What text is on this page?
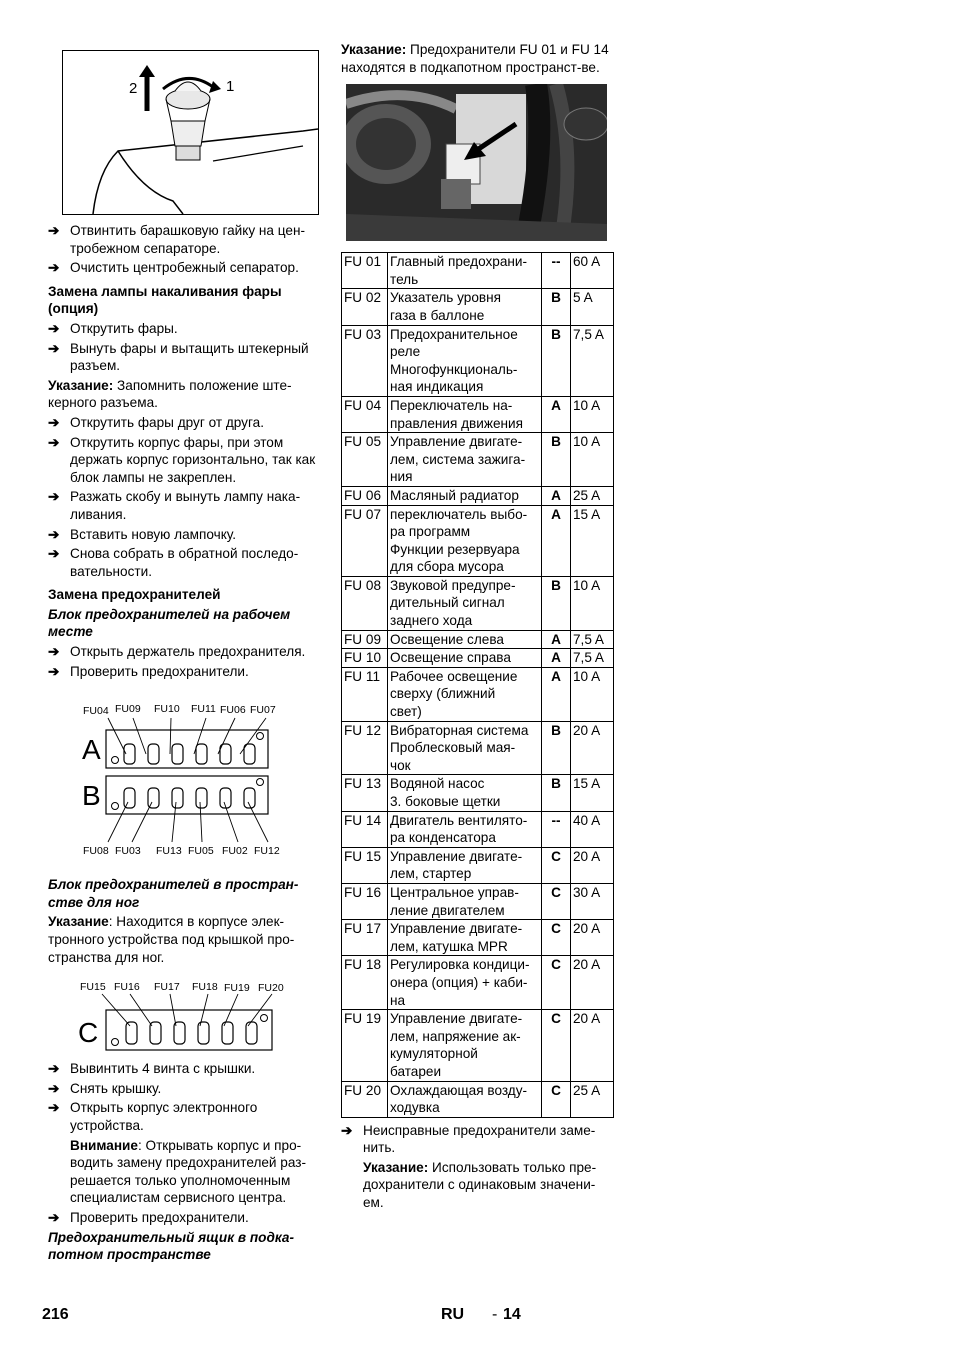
2	1
➔ Отвинтить барашковую гайку на цен-тробежном сепараторе.
➔ Очистить центробежный сепаратор.
Замена лампы накаливания фары (опция)
➔ Открутить фары.
➔ Вынуть фары и вытащить штекерный разъем.
Указание: Запомнить положение ште-керного разъема.
➔ Открутить фары друг от друга.
➔ Открутить корпус фары, при этом держать корпус горизонтально, так как блок лампы не закреплен.
➔ Разжать скобу и вынуть лампу нака-ливания.
➔ Вставить новую лампочку.
➔ Снова собрать в обратной последо-вательности.
Замена предохранителей
Блок предохранителей на рабочем месте
➔ Открыть держатель предохранителя.
➔ Проверить предохранители.
FU04 FU09 FU10 FU11 FU06 FU07
A
B
FU08 FU03 FU13 FU05 FU02 FU12
Блок предохранителей в простран-стве для ног
Указание: Находится в корпусе элек-тронного устройства под крышкой про-странства для ног.
FU15 FU16 FU17 FU18 FU19 FU20
C
➔ Вывинтить 4 винта с крышки.
➔ Снять крышку.
➔ Открыть корпус электронного устройства.
Внимание: Открывать корпус и про-водить замену предохранителей раз-решается только уполномоченным специалистам сервисного центра.
➔ Проверить предохранители.
Предохранительный ящик в подка-потном пространстве
Указание: Предохранители FU 01 и FU 14 находятся в подкапотном пространст-ве.
FU 01	Главный предохрани-
тель	--	60 A
FU 02	Указатель уровня
газа в баллоне	B	5 A
FU 03	Предохранительное
реле
Многофункциональ-
ная индикация	B	7,5 A
FU 04	Переключатель на-
правления движения	A	10 A
FU 05	Управление двигате-
лем, система зажига-
ния	B	10 A
FU 06	Масляный радиатор	A	25 A
FU 07	переключатель выбо-
ра программ
Функции резервуара
для сбора мусора	A	15 A
FU 08	Звуковой предупре-
дительный сигнал
заднего хода	B	10 A
FU 09	Освещение слева	A	7,5 A
FU 10	Освещение справа	A	7,5 A
FU 11	Рабочее освещение
сверху (ближний
свет)	A	10 A
FU 12	Вибраторная система
Проблесковый мая-
чок	B	20 A
FU 13	Водяной насос
3. боковые щетки	B	15 A
FU 14	Двигатель вентилято-
ра конденсатора	--	40 A
FU 15	Управление двигате-
лем, стартер	C	20 A
FU 16	Центральное управ-
ление двигателем	C	30 A
FU 17	Управление двигате-
лем, катушка MPR	C	20 A
FU 18	Регулировка кондици-
онера (опция) + каби-
на	C	20 A
FU 19	Управление двигате-
лем, напряжение ак-
кумуляторной
батареи	C	20 A
FU 20	Охлаждающая возду-
ходувка	C	25 A
➔ Неисправные предохранители заме-нить.
Указание: Использовать только пре-дохранители с одинаковым значени-ем.
216	RU - 14
